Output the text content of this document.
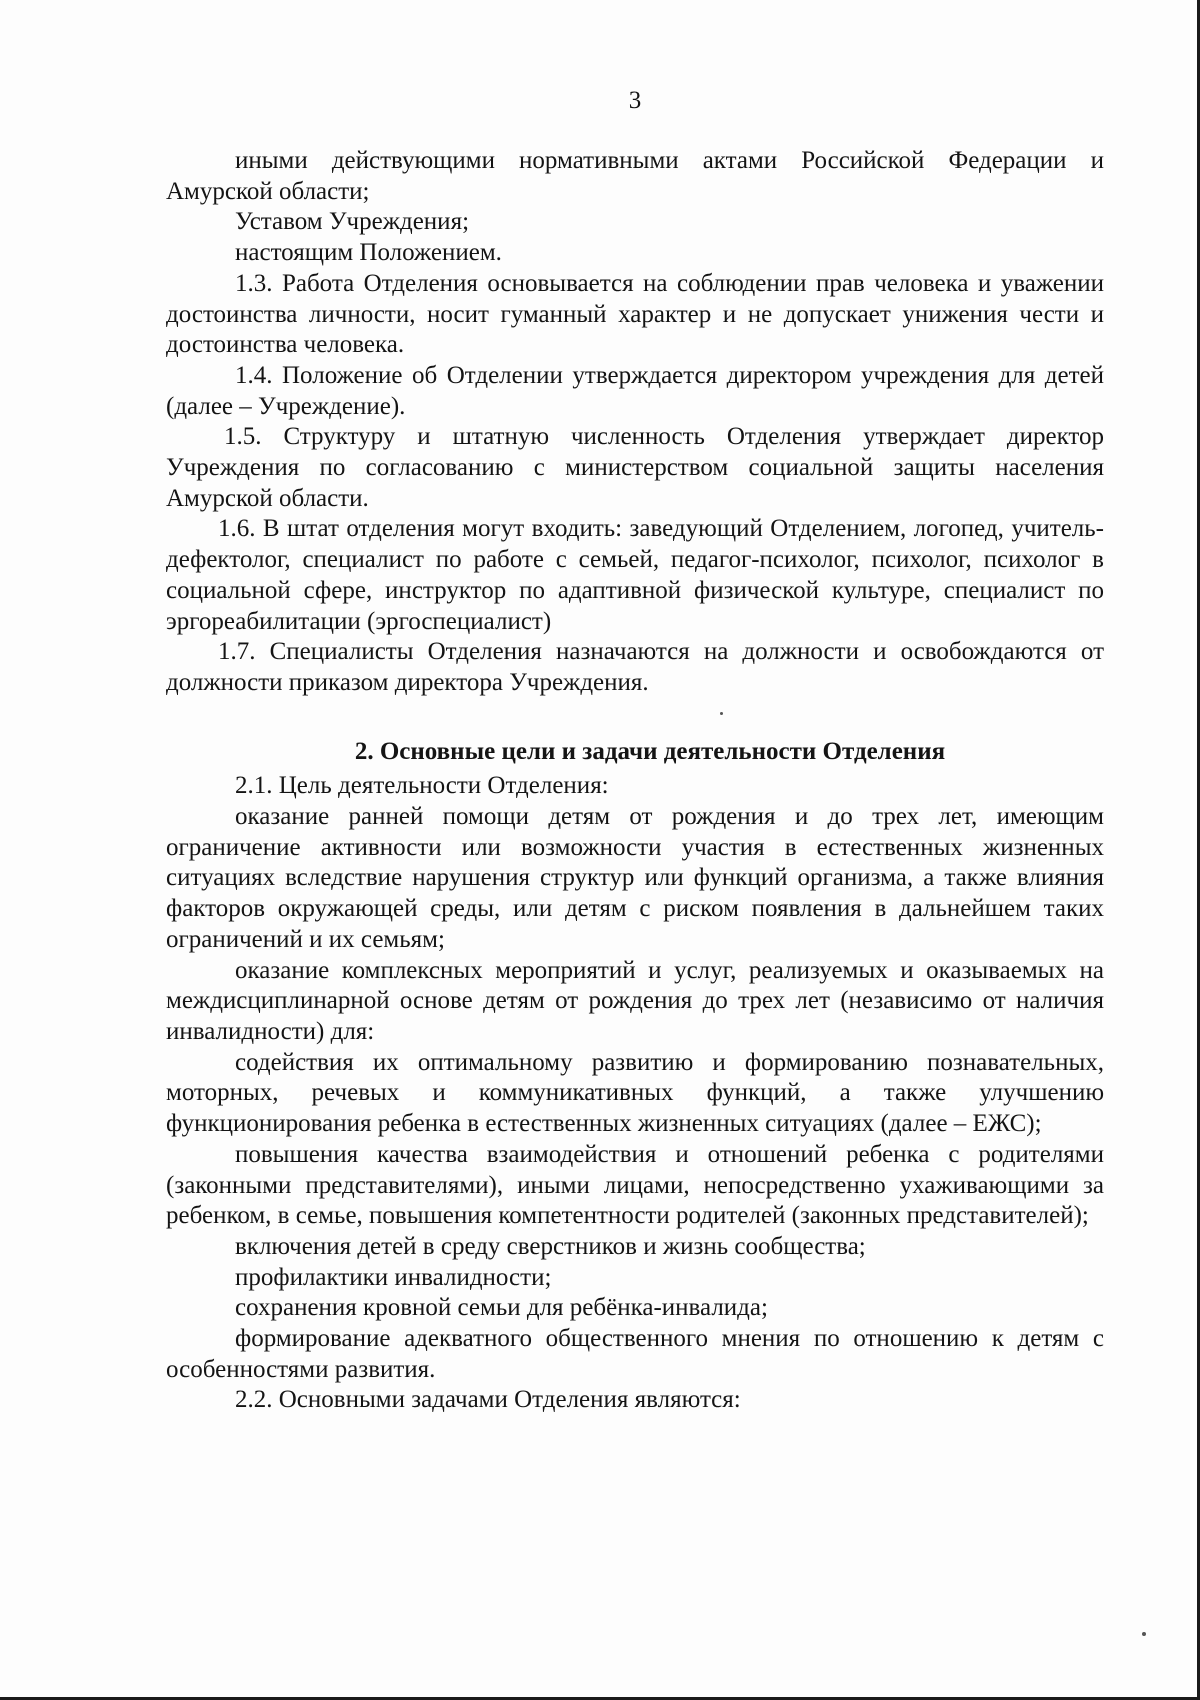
3

иными действующими нормативными актами Российской Федерации и Амурской области;

Уставом Учреждения;

настоящим Положением.

1.3. Работа Отделения основывается на соблюдении прав человека и уважении достоинства личности, носит гуманный характер и не допускает унижения чести и достоинства человека.

1.4. Положение об Отделении утверждается директором учреждения для детей (далее – Учреждение).

1.5. Структуру и штатную численность Отделения утверждает директор Учреждения по согласованию с министерством социальной защиты населения Амурской области.

1.6. В штат отделения могут входить: заведующий Отделением, логопед, учитель-дефектолог, специалист по работе с семьей, педагог-психолог, психолог, психолог в социальной сфере, инструктор по адаптивной физической культуре, специалист по эргореабилитации (эргоспециалист)

1.7. Специалисты Отделения назначаются на должности и освобождаются от должности приказом директора Учреждения.

2. Основные цели и задачи деятельности Отделения

2.1. Цель деятельности Отделения:

оказание ранней помощи детям от рождения и до трех лет, имеющим ограничение активности или возможности участия в естественных жизненных ситуациях вследствие нарушения структур или функций организма, а также влияния факторов окружающей среды, или детям с риском появления в дальнейшем таких ограничений и их семьям;

оказание комплексных мероприятий и услуг, реализуемых и оказываемых на междисциплинарной основе детям от рождения до трех лет (независимо от наличия инвалидности) для:

содействия их оптимальному развитию и формированию познавательных, моторных, речевых и коммуникативных функций, а также улучшению функционирования ребенка в естественных жизненных ситуациях (далее – ЕЖС);

повышения качества взаимодействия и отношений ребенка с родителями (законными представителями), иными лицами, непосредственно ухаживающими за ребенком, в семье, повышения компетентности родителей (законных представителей);

включения детей в среду сверстников и жизнь сообщества;

профилактики инвалидности;

сохранения кровной семьи для ребёнка-инвалида;

формирование адекватного общественного мнения по отношению к детям с особенностями развития.

2.2. Основными задачами Отделения являются:
